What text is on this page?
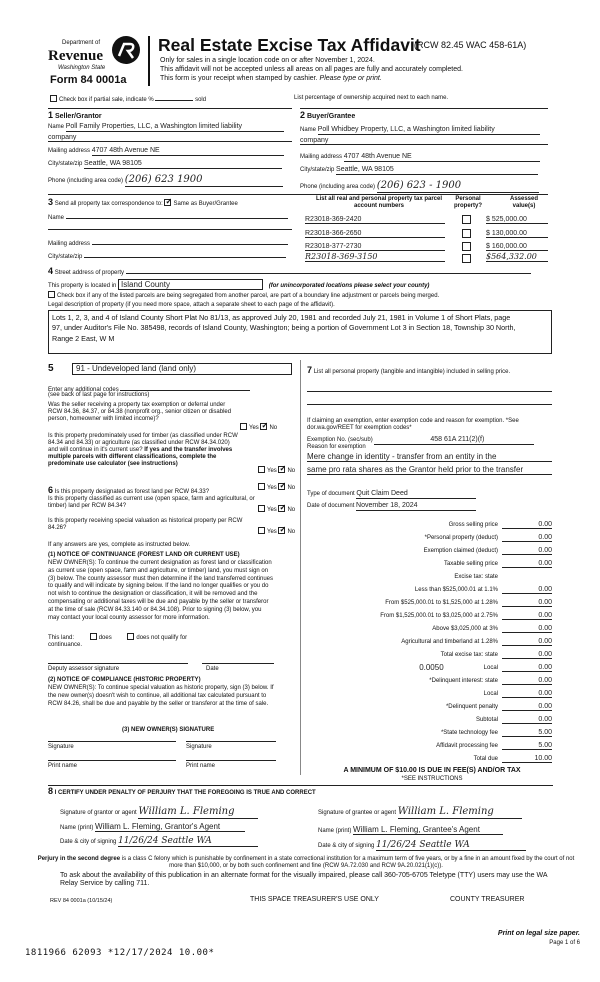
Department of
Revenue
Washington State
Form 84 0001a
Real Estate Excise Tax Affidavit
(RCW 82.45 WAC 458-61A)
Only for sales in a single location code on or after November 1, 2024.
This affidavit will not be accepted unless all areas on all pages are fully and accurately completed.
This form is your receipt when stamped by cashier. Please type or print.
Check box if partial sale, indicate %	sold	List percentage of ownership acquired next to each name.
1 Seller/Grantor
Name Poll Family Properties, LLC, a Washington limited liability
company
Mailing address 4707 48th Avenue NE
City/state/zip Seattle, WA 98105
Phone (including area code) (206) 623 1900
2 Buyer/Grantee
Name Poll Whidbey Property, LLC, a Washington limited liability
company
Mailing address 4707 48th Avenue NE
City/state/zip Seattle, WA 98105
Phone (including area code) (206) 623 - 1900
3 Send all property tax correspondence to: ✓ Same as Buyer/Grantee
Name
Mailing address
City/state/zip
List all real and personal property tax parcel account numbers
Personal property?
Assessed value(s)
R23018-369-2420	$ 525,000.00
R23018-366-2650	$ 130,000.00
R23018-377-2730	$ 160,000.00
R23018-369-3150	$564,332.00
4 Street address of property
This property is located in Island County	(for unincorporated locations please select your county)
Check box if any of the listed parcels are being segregated from another parcel, are part of a boundary line adjustment or parcels being merged.
Legal description of property (if you need more space, attach a separate sheet to each page of the affidavit).
Lots 1, 2, 3, and 4 of Island County Short Plat No 81/13, as approved July 20, 1981 and recorded July 21, 1981 in Volume 1 of Short Plats, page
97, under Auditor's File No. 385498, records of Island County, Washington; being a portion of Government Lot 3 in Section 18, Township 30 North,
Range 2 East, W M
5	91 - Undeveloped land (land only)
Enter any additional codes
(see back of last page for instructions)
Was the seller receiving a property tax exemption or deferral under RCW 84.36, 84.37, or 84.38 (nonprofit org., senior citizen or disabled person, homeowner with limited income)?
Yes ✓ No
Is this property predominately used for timber (as classified under RCW 84.34 and 84.33) or agriculture (as classified under RCW 84.34.020) and will continue in it's current use? If yes and the transfer involves multiple parcels with different classifications, complete the predominate use calculator (see instructions)
Yes ✓ No
6 Is this property designated as forest land per RCW 84.33?
Yes ✓ No
Is this property classified as current use (open space, farm and agricultural, or timber) land per RCW 84.34?
Yes ✓ No
Is this property receiving special valuation as historical property per RCW 84.26?
Yes ✓ No
If any answers are yes, complete as instructed below.
(1) NOTICE OF CONTINUANCE (FOREST LAND OR CURRENT USE)
NEW OWNER(S): To continue the current designation as forest land or classification as current use (open space, farm and agriculture, or timber) land, you must sign on (3) below. The county assessor must then determine if the land transferred continues to qualify and will indicate by signing below. If the land no longer qualifies or you do not wish to continue the designation or classification, it will be removed and the compensating or additional taxes will be due and payable by the seller or transferor at the time of sale (RCW 84.33.140 or 84.34.108). Prior to signing (3) below, you may contact your local county assessor for more information.
This land:	does	does not qualify for
continuance.
Deputy assessor signature	Date
(2) NOTICE OF COMPLIANCE (HISTORIC PROPERTY)
NEW OWNER(S): To continue special valuation as historic property, sign (3) below. If the new owner(s) doesn't wish to continue, all additional tax calculated pursuant to RCW 84.26, shall be due and payable by the seller or transferor at the time of sale.
(3) NEW OWNER(S) SIGNATURE
Signature	Signature
Print name	Print name
7 List all personal property (tangible and intangible) included in selling price.
If claiming an exemption, enter exemption code and reason for exemption. *See dor.wa.gov/REET for exemption codes*
Exemption No. (sec/sub)	458 61A 211(2)(f)
Reason for exemption
Mere change in identity - transfer from an entity in the
same pro rata shares as the Grantor held prior to the transfer
Type of document Quit Claim Deed
Date of document November 18, 2024
Gross selling price	0.00
*Personal property (deduct)	0.00
Exemption claimed (deduct)	0.00
Taxable selling price	0.00
Excise tax: state
Less than $525,000.01 at 1.1%	0.00
From $525,000.01 to $1,525,000 at 1.28%	0.00
From $1,525,000.01 to $3,025,000 at 2.75%	0.00
Above $3,025,000 at 3%	0.00
Agricultural and timberland at 1.28%	0.00
Total excise tax: state	0.00
0.0050	Local	0.00
*Delinquent interest: state	0.00
Local	0.00
*Delinquent penalty	0.00
Subtotal	0.00
*State technology fee	5.00
Affidavit processing fee	5.00
Total due	10.00
A MINIMUM OF $10.00 IS DUE IN FEE(S) AND/OR TAX
*SEE INSTRUCTIONS
8 I CERTIFY UNDER PENALTY OF PERJURY THAT THE FOREGOING IS TRUE AND CORRECT
Signature of grantor or agent William L. Fleming
Name (print) William L. Fleming, Grantor's Agent
Date & city of signing 11/26/24 Seattle WA
Signature of grantee or agent William L. Fleming
Name (print) William L. Fleming, Grantee's Agent
Date & city of signing 11/26/24 Seattle WA
Perjury in the second degree is a class C felony which is punishable by confinement in a state correctional institution for a maximum term of five years, or by a fine in an amount fixed by the court of not more than $10,000, or by both such confinement and fine (RCW 9A.72.030 and RCW 9A.20.021(1)(c)).
To ask about the availability of this publication in an alternate format for the visually impaired, please call 360-705-6705 Teletype (TTY) users may use the WA Relay Service by calling 711.
REV 84 0001a (10/15/24)	THIS SPACE TREASURER'S USE ONLY	COUNTY TREASURER
Print on legal size paper.
Page 1 of 6
1811966 62093 *12/17/2024 10.00*
